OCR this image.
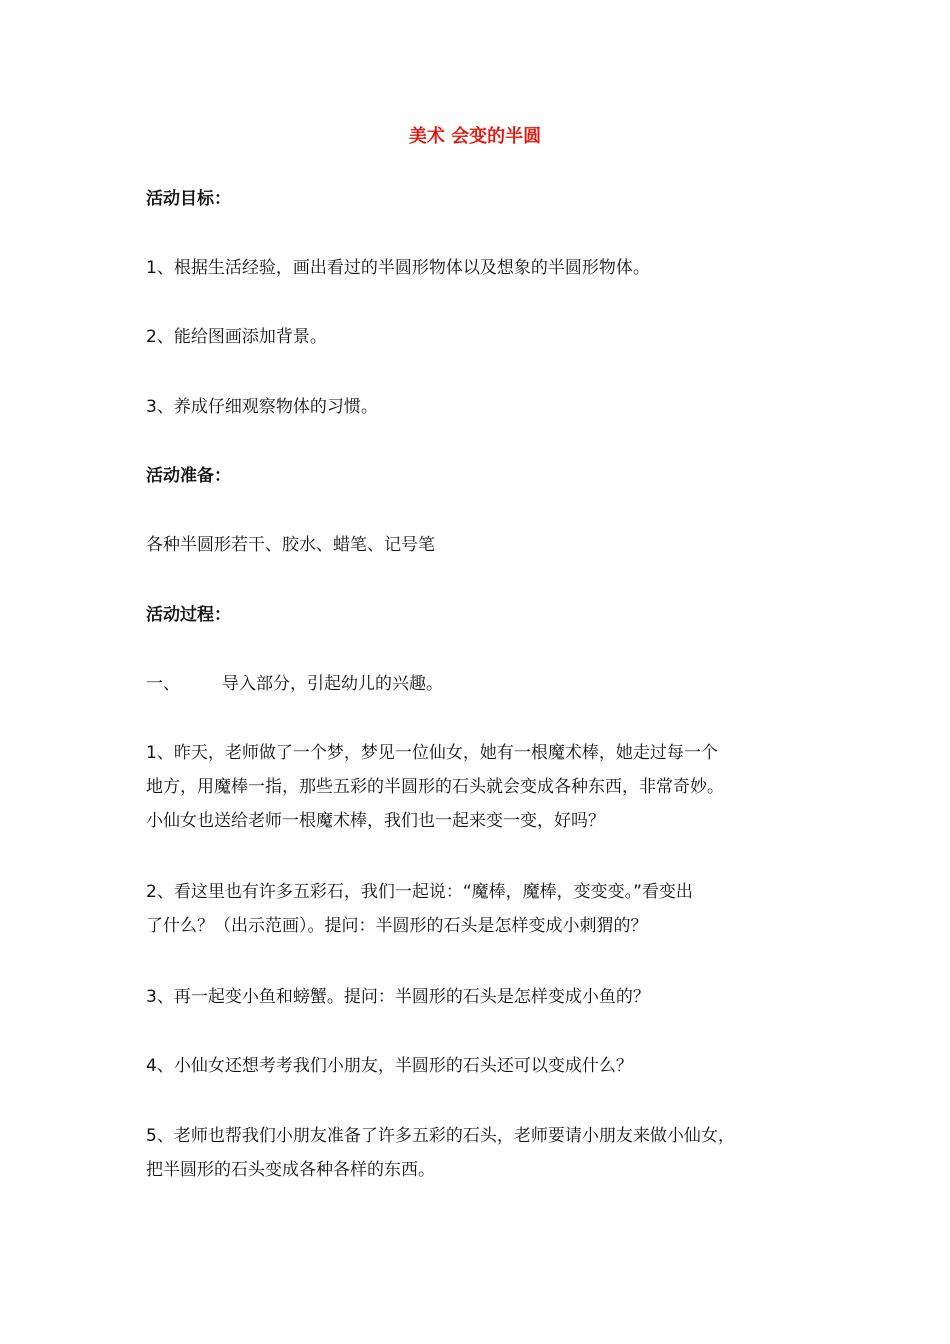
美术 会变的半圆

活动目标：

1、根据生活经验，画出看过的半圆形物体以及想象的半圆形物体。

2、能给图画添加背景。

3、养成仔细观察物体的习惯。

活动准备：

各种半圆形若干、胶水、蜡笔、记号笔

活动过程：

一、 导入部分，引起幼儿的兴趣。

1、昨天，老师做了一个梦，梦见一位仙女，她有一根魔术棒，她走过每一个
地方，用魔棒一指，那些五彩的半圆形的石头就会变成各种东西，非常奇妙。
小仙女也送给老师一根魔术棒，我们也一起来变一变，好吗？

2、看这里也有许多五彩石，我们一起说：“魔棒，魔棒，变变变。”看变出
了什么？（出示范画）。提问：半圆形的石头是怎样变成小刺猬的？

3、再一起变小鱼和螃蟹。提问：半圆形的石头是怎样变成小鱼的？

4、小仙女还想考考我们小朋友，半圆形的石头还可以变成什么？

5、老师也帮我们小朋友准备了许多五彩的石头，老师要请小朋友来做小仙女，
把半圆形的石头变成各种各样的东西。
